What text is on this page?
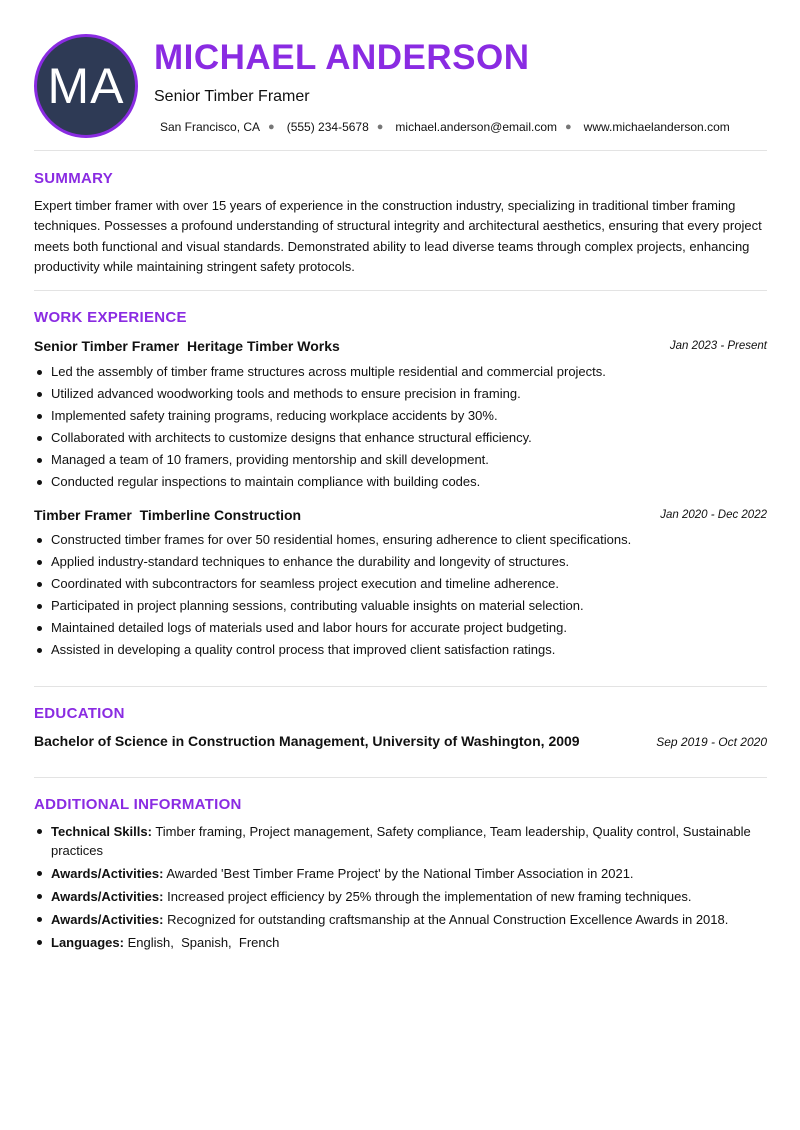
MA
MICHAEL ANDERSON
Senior Timber Framer
San Francisco, CA ● (555) 234-5678 ● michael.anderson@email.com ● www.michaelanderson.com
SUMMARY
Expert timber framer with over 15 years of experience in the construction industry, specializing in traditional timber framing techniques. Possesses a profound understanding of structural integrity and architectural aesthetics, ensuring that every project meets both functional and visual standards. Demonstrated ability to lead diverse teams through complex projects, enhancing productivity while maintaining stringent safety protocols.
WORK EXPERIENCE
Senior Timber Framer Heritage Timber Works	Jan 2023 - Present
Led the assembly of timber frame structures across multiple residential and commercial projects.
Utilized advanced woodworking tools and methods to ensure precision in framing.
Implemented safety training programs, reducing workplace accidents by 30%.
Collaborated with architects to customize designs that enhance structural efficiency.
Managed a team of 10 framers, providing mentorship and skill development.
Conducted regular inspections to maintain compliance with building codes.
Timber Framer Timberline Construction	Jan 2020 - Dec 2022
Constructed timber frames for over 50 residential homes, ensuring adherence to client specifications.
Applied industry-standard techniques to enhance the durability and longevity of structures.
Coordinated with subcontractors for seamless project execution and timeline adherence.
Participated in project planning sessions, contributing valuable insights on material selection.
Maintained detailed logs of materials used and labor hours for accurate project budgeting.
Assisted in developing a quality control process that improved client satisfaction ratings.
EDUCATION
Bachelor of Science in Construction Management, University of Washington, 2009	Sep 2019 - Oct 2020
ADDITIONAL INFORMATION
Technical Skills: Timber framing, Project management, Safety compliance, Team leadership, Quality control, Sustainable practices
Awards/Activities: Awarded 'Best Timber Frame Project' by the National Timber Association in 2021.
Awards/Activities: Increased project efficiency by 25% through the implementation of new framing techniques.
Awards/Activities: Recognized for outstanding craftsmanship at the Annual Construction Excellence Awards in 2018.
Languages: English,  Spanish,  French
